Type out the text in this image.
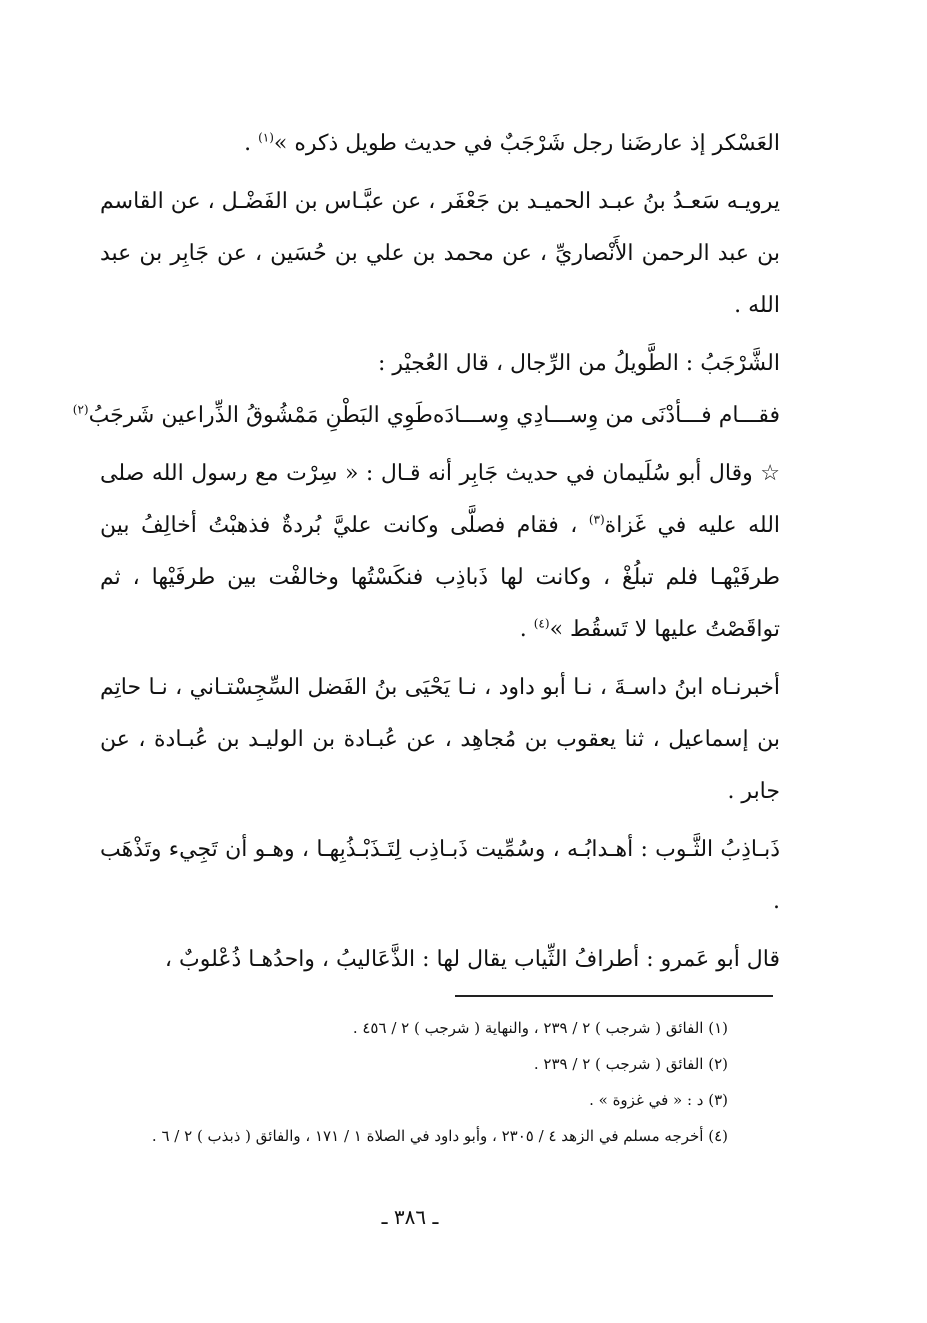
العَسْكر إذ عارضَنا رجل شَرْجَبٌ في حديث طويل ذكره »$^{(١)}$ .

يرويـه سَعـدُ بنُ عبـد الحميـد بن جَعْفَر ، عن عبَّـاس بن الفَضْـل ، عن القاسم بن عبد الرحمن الأَنْصاريِّ ، عن محمد بن علي بن حُسَين ، عن جَابِر بن عبد الله .

الشَّرْجَبُ : الطَّويلُ من الرِّجال ، قال العُجيْر :

فقـــام فـــأدْنَى من وِســـادِي وِســـادَه
طَوِي البَطْنِ مَمْشُوقُ الذِّراعين شَرجَبُ$^{(٢)}$

☆ وقال أبو سُلَيمان في حديث جَابِر أنه قـال : « سِرْت مع رسول الله صلى الله عليه في غَزاة$^{(٣)}$ ، فقام فصلَّى وكانت عليَّ بُردةٌ فذهبْتُ أخالِفُ بين طرفَيْهـا فلم تبلُغْ ، وكانت لها ذَباذِب فنكَسْتُها وخالفْت بين طرفَيْها ، ثم تواقَصْتُ عليها لا تَسقُط »$^{(٤)}$ .

أخبرنـاه ابنُ داسـةَ ، نـا أبو داود ، نـا يَحْيَى بنُ الفَضل السِّجِسْتـاني ، نـا حاتِم بن إسماعيل ، ثنا يعقوب بن مُجاهِد ، عن عُبـادة بن الوليـد بن عُبـادة ، عن جابر .

ذَبـاذِبُ الثَّـوب : أهـدابُـه ، وسُمِّيت ذَبـاذِب لِتَـذَبْـذُبِهـا ، وهـو أن تَجِيء وتَذْهَب .

قال أبو عَمرو : أطرافُ الثِّياب يقال لها : الذَّعَاليبُ ، واحدُهـا ذُعْلوبٌ ،

(١) الفائق ( شرجب ) ٢ / ٢٣٩ ، والنهاية ( شرجب ) ٢ / ٤٥٦ .

(٢) الفائق ( شرجب ) ٢ / ٢٣٩ .

(٣) د : « في غزوة » .

(٤) أخرجه مسلم في الزهد ٤ / ٢٣٠٥ ، وأبو داود في الصلاة ١ / ١٧١ ، والفائق ( ذبذب ) ٢ / ٦ .

ـ ٣٨٦ ـ
